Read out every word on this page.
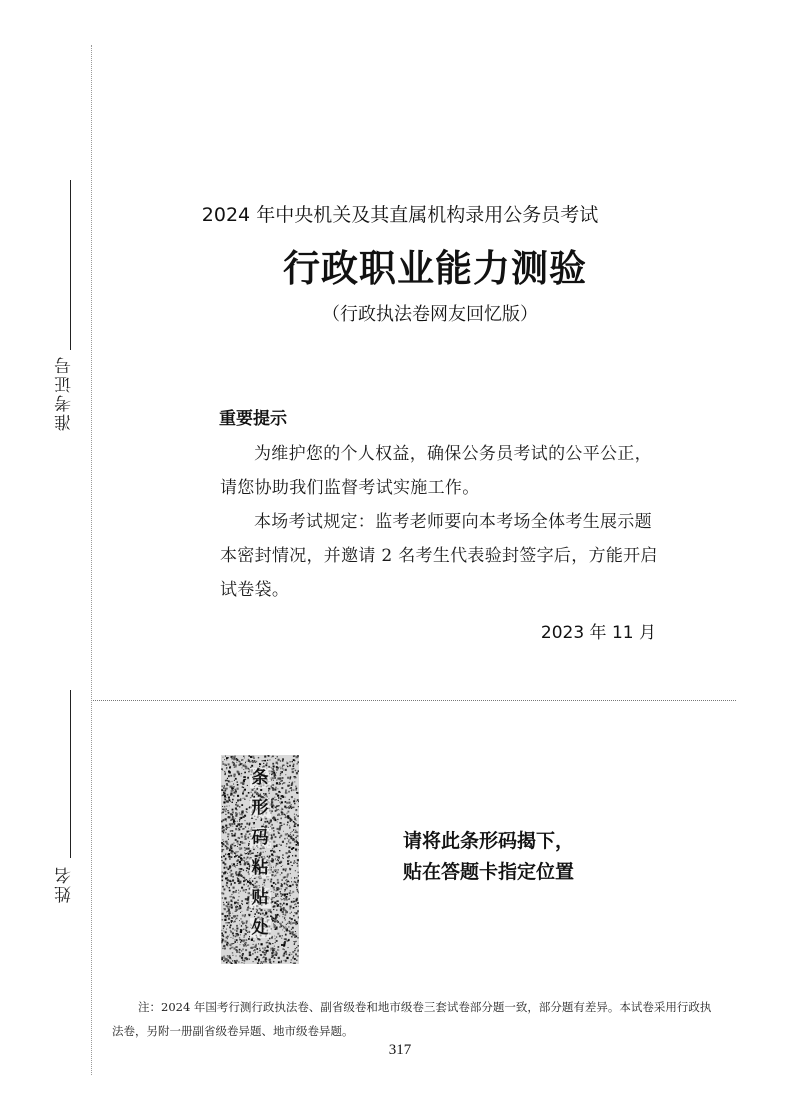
准考证号
姓名
2024 年中央机关及其直属机构录用公务员考试
行政职业能力测验
（行政执法卷网友回忆版）
重要提示
为维护您的个人权益，确保公务员考试的公平公正，请您协助我们监督考试实施工作。
本场考试规定：监考老师要向本考场全体考生展示题本密封情况，并邀请 2 名考生代表验封签字后，方能开启试卷袋。
2023 年 11 月
条
形
码
粘
贴
处
请将此条形码揭下，
贴在答题卡指定位置
注：2024 年国考行测行政执法卷、副省级卷和地市级卷三套试卷部分题一致，部分题有差异。本试卷采用行政执法卷，另附一册副省级卷异题、地市级卷异题。
317
